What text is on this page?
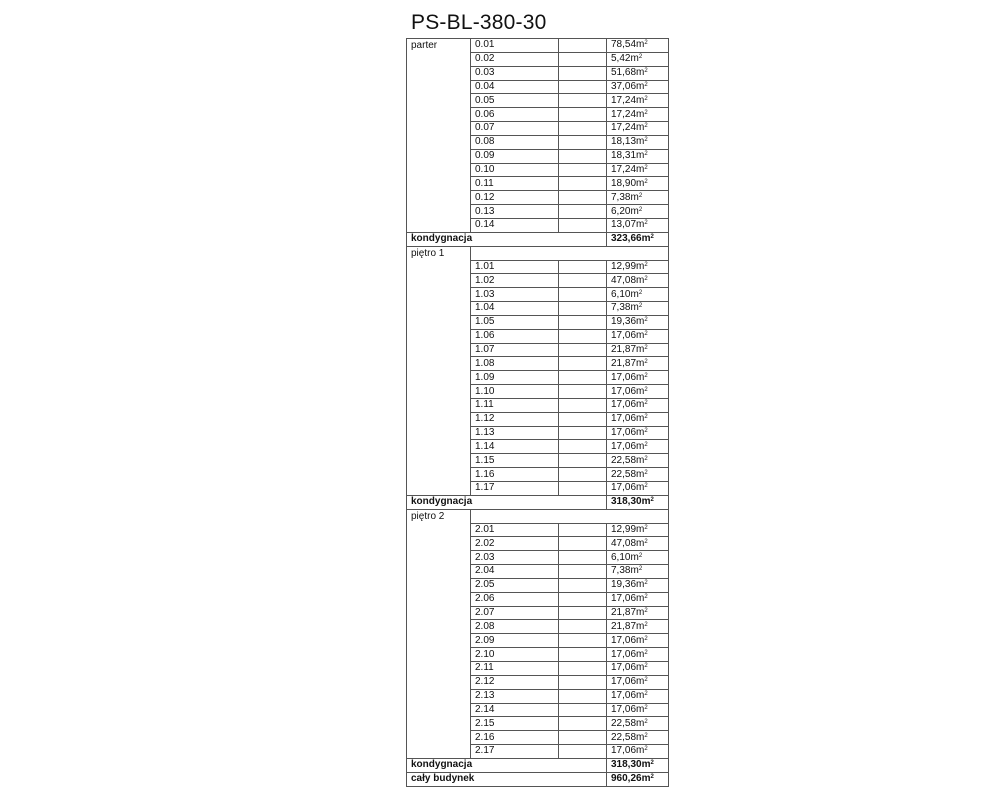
PS-BL-380-30
parter	0.01		$78,54m^2$
	0.02		$5,42m^2$
	0.03		$51,68m^2$
	0.04		$37,06m^2$
	0.05		$17,24m^2$
	0.06		$17,24m^2$
	0.07		$17,24m^2$
	0.08		$18,13m^2$
	0.09		$18,31m^2$
	0.10		$17,24m^2$
	0.11		$18,90m^2$
	0.12		$7,38m^2$
	0.13		$6,20m^2$
	0.14		$13,07m^2$
kondygnacja			$323,66m^2$
piętro 1			
	1.01		$12,99m^2$
	1.02		$47,08m^2$
	1.03		$6,10m^2$
	1.04		$7,38m^2$
	1.05		$19,36m^2$
	1.06		$17,06m^2$
	1.07		$21,87m^2$
	1.08		$21,87m^2$
	1.09		$17,06m^2$
	1.10		$17,06m^2$
	1.11		$17,06m^2$
	1.12		$17,06m^2$
	1.13		$17,06m^2$
	1.14		$17,06m^2$
	1.15		$22,58m^2$
	1.16		$22,58m^2$
	1.17		$17,06m^2$
kondygnacja			$318,30m^2$
piętro 2			
	2.01		$12,99m^2$
	2.02		$47,08m^2$
	2.03		$6,10m^2$
	2.04		$7,38m^2$
	2.05		$19,36m^2$
	2.06		$17,06m^2$
	2.07		$21,87m^2$
	2.08		$21,87m^2$
	2.09		$17,06m^2$
	2.10		$17,06m^2$
	2.11		$17,06m^2$
	2.12		$17,06m^2$
	2.13		$17,06m^2$
	2.14		$17,06m^2$
	2.15		$22,58m^2$
	2.16		$22,58m^2$
	2.17		$17,06m^2$
kondygnacja			$318,30m^2$
cały budynek			$960,26m^2$
